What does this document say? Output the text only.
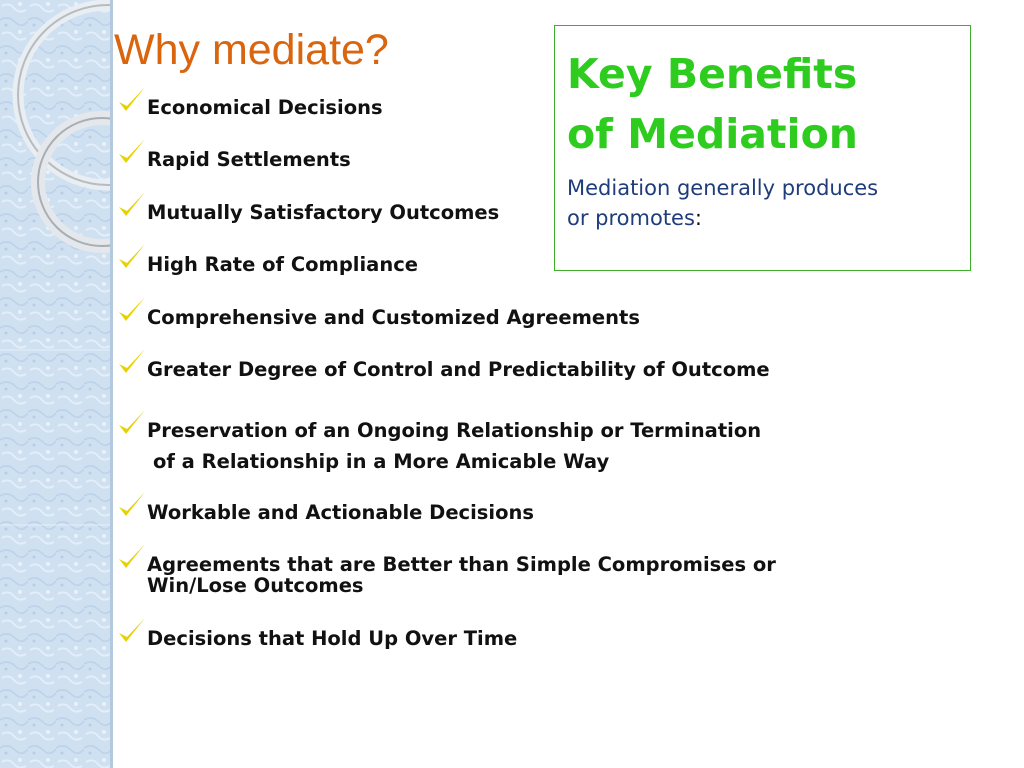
Why mediate?	Key Benefits
of Mediation

Mediation generally produces
or promotes:

Economical Decisions
Rapid Settlements
Mutually Satisfactory Outcomes
High Rate of Compliance
Comprehensive and Customized Agreements
Greater Degree of Control and Predictability of Outcome
Preservation of an Ongoing Relationship or Termination
of a Relationship in a More Amicable Way
Workable and Actionable Decisions
Agreements that are Better than Simple Compromises or
Win/Lose Outcomes
Decisions that Hold Up Over Time
